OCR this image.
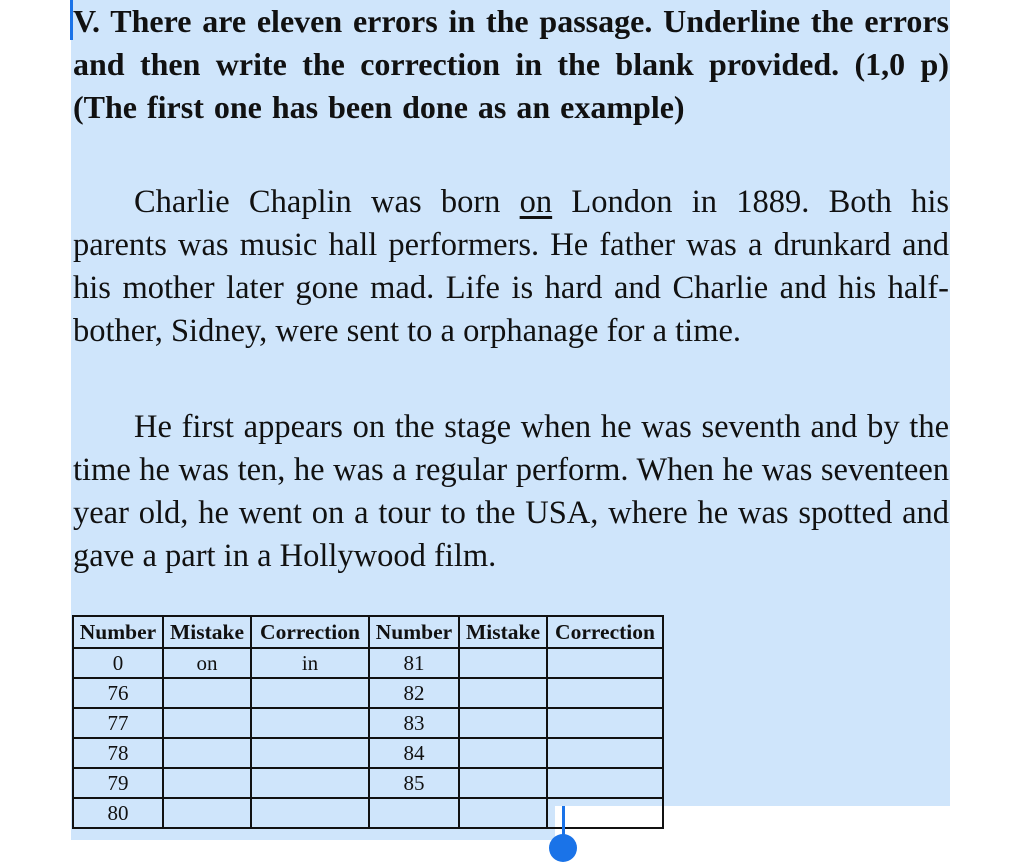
V. There are eleven errors in the passage. Underline the errors and then write the correction in the blank provided. (1,0 p) (The first one has been done as an example)

Charlie Chaplin was born on London in 1889. Both his parents was music hall performers. He father was a drunkard and his mother later gone mad. Life is hard and Charlie and his half-bother, Sidney, were sent to a orphanage for a time.

He first appears on the stage when he was seventh and by the time he was ten, he was a regular perform. When he was seventeen year old, he went on a tour to the USA, where he was spotted and gave a part in a Hollywood film.

Number	Mistake	Correction	Number	Mistake	Correction
0	on	in	81		
76			82		
77			83		
78			84		
79			85		
80					
